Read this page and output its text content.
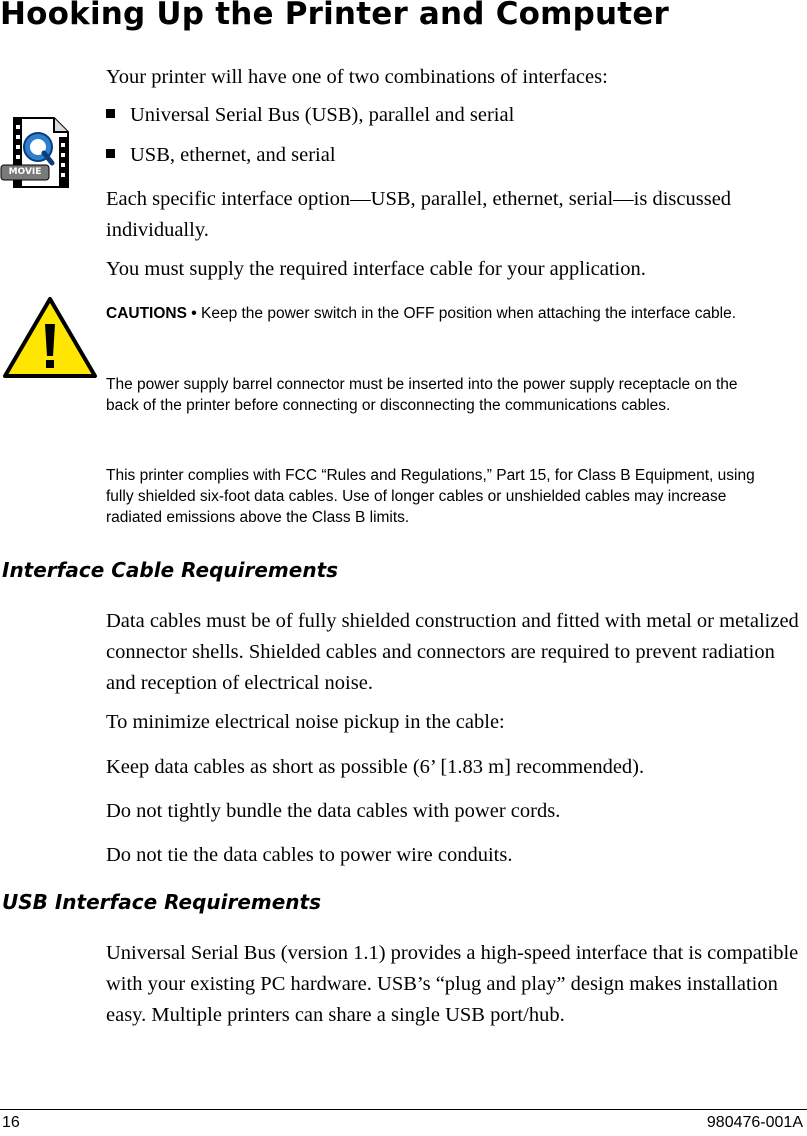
Hooking Up the Printer and Computer
Your printer will have one of two combinations of interfaces:
MOVIE
Universal Serial Bus (USB), parallel and serial
USB, ethernet, and serial
Each specific interface option—USB, parallel, ethernet, serial—is discussed individually.
You must supply the required interface cable for your application.
CAUTIONS • Keep the power switch in the OFF position when attaching the interface cable.
The power supply barrel connector must be inserted into the power supply receptacle on the back of the printer before connecting or disconnecting the communications cables.
This printer complies with FCC “Rules and Regulations,” Part 15, for Class B Equipment, using fully shielded six-foot data cables. Use of longer cables or unshielded cables may increase radiated emissions above the Class B limits.
Interface Cable Requirements
Data cables must be of fully shielded construction and fitted with metal or metalized connector shells. Shielded cables and connectors are required to prevent radiation and reception of electrical noise.
To minimize electrical noise pickup in the cable:
Keep data cables as short as possible (6’ [1.83 m] recommended).
Do not tightly bundle the data cables with power cords.
Do not tie the data cables to power wire conduits.
USB Interface Requirements
Universal Serial Bus (version 1.1) provides a high-speed interface that is compatible with your existing PC hardware. USB’s “plug and play” design makes installation easy. Multiple printers can share a single USB port/hub.
16	980476-001A
